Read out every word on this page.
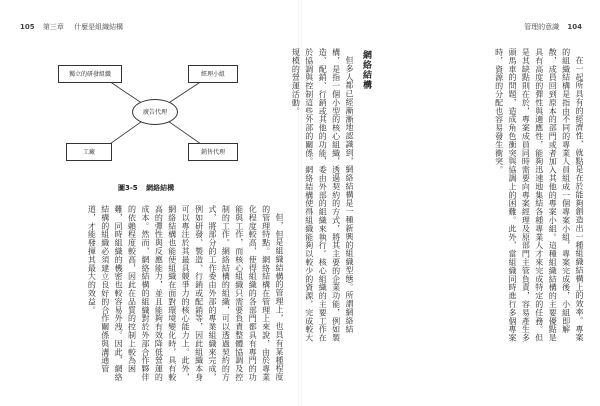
105 第三章 什麼是組織結構
獨立的研發組織	經理小組
廣告代理
工廠	銷售代理
圖3-5 網絡結構

但，但是組織結構的管理上，也具有某種程度的管理特點。網絡結構在管理上來說，由於專業化程度較高，使得組織的各部門都具有專門的功能與工作，而核心組織只需要負責整體協調及控制的工作。網絡結構的組織，可以透過契約的方式，將部分的工作委由外部的專業組織來完成，例如研發、製造、行銷或配銷等，因此組織本身可以專注於其最具競爭力的核心能力上。此外，網絡結構也能使組織在面對環境變化時，具有較高的彈性與反應能力，並且能夠有效降低營運的成本。然而，網絡結構的組織對於外部合作夥伴的依賴程度較高，因此在品質的控制上較為困難，同時組織的機密也較容易外洩。因此，網絡結構的組織必須建立良好的合作關係與溝通管道，才能發揮其最大的效益。

管理的意識 104

在一起所具有的經濟性，就點是在於能夠創造出一種組織結構上的效率。專案的組織結構是指由不同的專業人員組成一個專案小組，專案完成後，小組即解散，成員回到原本的部門或者加入其他的專案小組。這種組織結構的主要優點是具有高度的彈性與適應性，能夠迅速地集結各種專業人才來完成特定的任務。但是其缺點則在於，專案成員同時需要向專案經理及原部門主管負責，容易產生多頭馬車的問題，造成角色衝突與協調上的困難。此外，當組織同時進行多個專案時，資源的分配也容易發生衝突。

網絡結構

但多人都已經漸漸地認識到，網絡結構是一種新興的組織型態。所謂網絡結構，是指一個小型的核心組織，透過契約的方式，將其主要的企業功能，例如製造、配銷、行銷或其他的功能，委由外部的組織來執行。核心組織的主要工作在於協調與控制這些外部的關係。網絡結構使得組織能夠以較少的資源，完成較大規模的營運活動。
